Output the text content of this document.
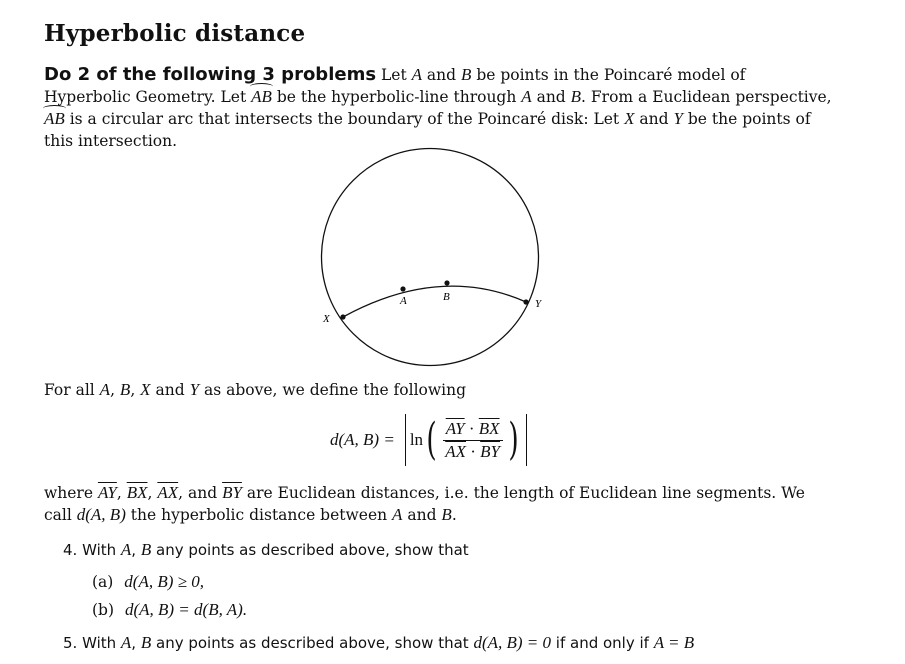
Hyperbolic distance
Do 2 of the following 3 problems Let A and B be points in the Poincaré model of Hyperbolic Geometry. Let AB be the hyperbolic-line through A and B. From a Euclidean perspective, AB is a circular arc that intersects the boundary of the Poincaré disk: Let X and Y be the points of this intersection.
X
A	B
Y
For all A, B, X and Y as above, we define the following
d(A, B) = ln ( $\frac{\overline{AY} \cdot \overline{BX}}{\overline{AX} \cdot \overline{BY}}$ )
where $\overline{AY}$, $\overline{BX}$, $\overline{AX}$, and $\overline{BY}$ are Euclidean distances, i.e. the length of Euclidean line segments. We call d(A, B) the hyperbolic distance between A and B.
4. With A, B any points as described above, show that
(a) d(A, B) ≥ 0,
(b) d(A, B) = d(B, A).
5. With A, B any points as described above, show that d(A, B) = 0 if and only if A = B
